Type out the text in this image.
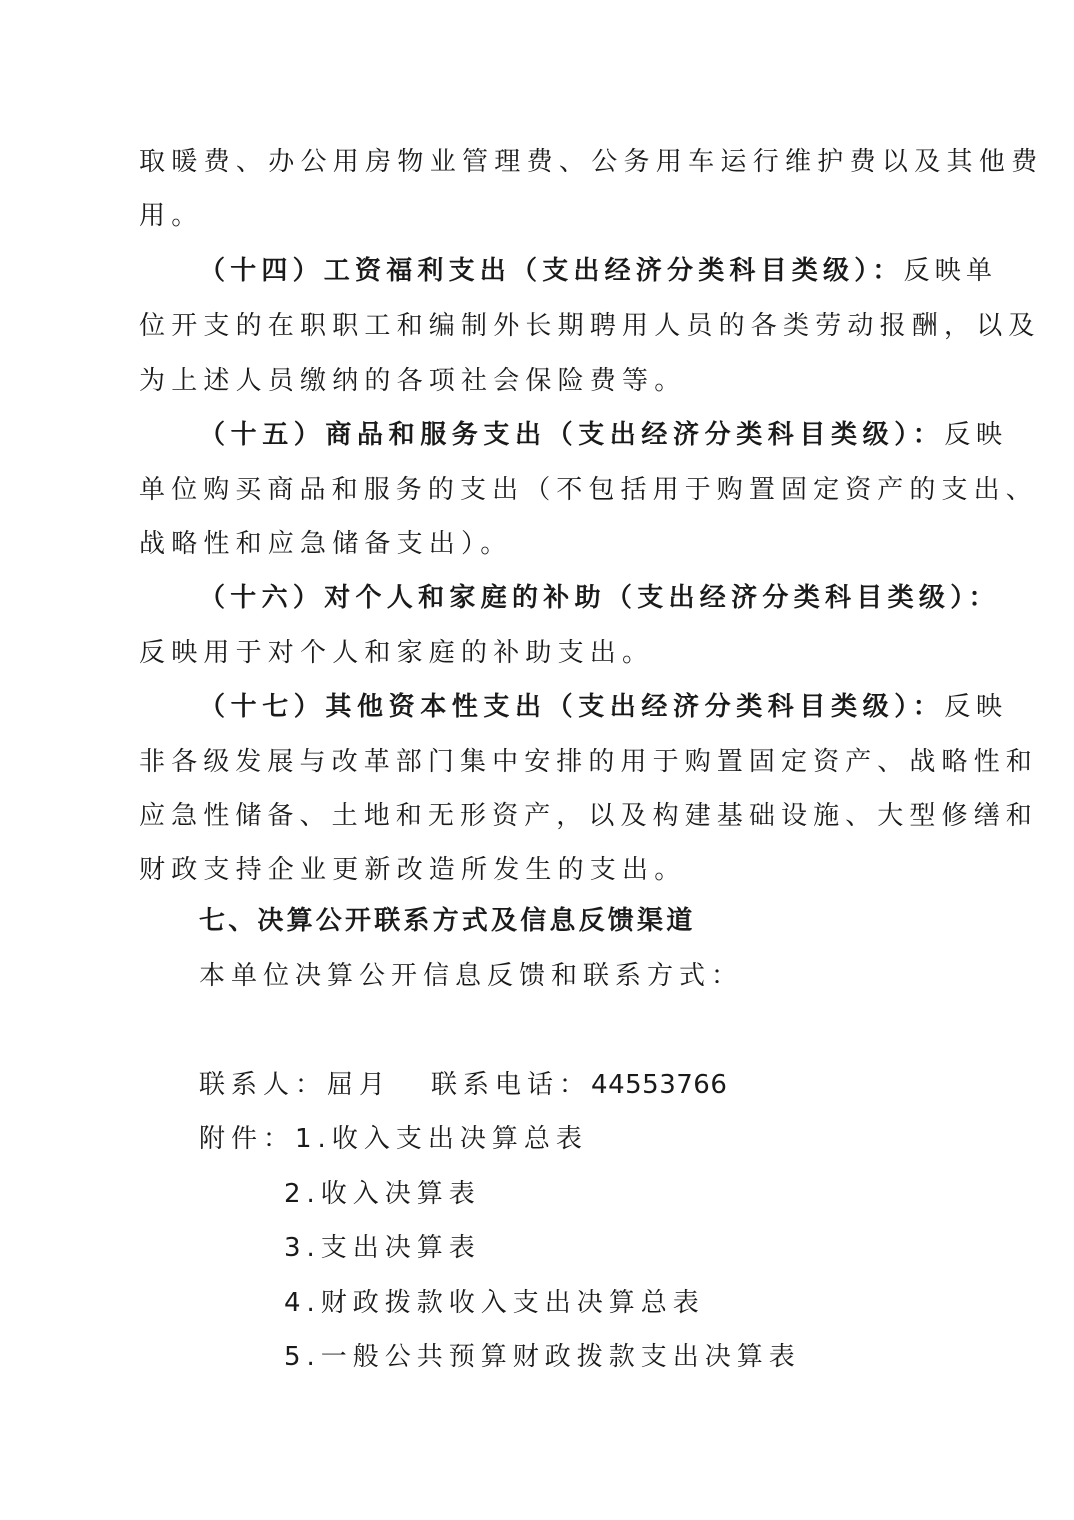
取暖费、办公用房物业管理费、公务用车运行维护费以及其他费
用。
（十四）工资福利支出（支出经济分类科目类级）：反映单
位开支的在职职工和编制外长期聘用人员的各类劳动报酬，以及
为上述人员缴纳的各项社会保险费等。
（十五）商品和服务支出（支出经济分类科目类级）：反映
单位购买商品和服务的支出（不包括用于购置固定资产的支出、
战略性和应急储备支出）。
（十六）对个人和家庭的补助（支出经济分类科目类级）：
反映用于对个人和家庭的补助支出。
（十七）其他资本性支出（支出经济分类科目类级）：反映
非各级发展与改革部门集中安排的用于购置固定资产、战略性和
应急性储备、土地和无形资产，以及构建基础设施、大型修缮和
财政支持企业更新改造所发生的支出。
七、决算公开联系方式及信息反馈渠道
本单位决算公开信息反馈和联系方式：
联系人：屈月 联系电话：44553766
附件：1.收入支出决算总表
2.收入决算表
3.支出决算表
4.财政拨款收入支出决算总表
5.一般公共预算财政拨款支出决算表
